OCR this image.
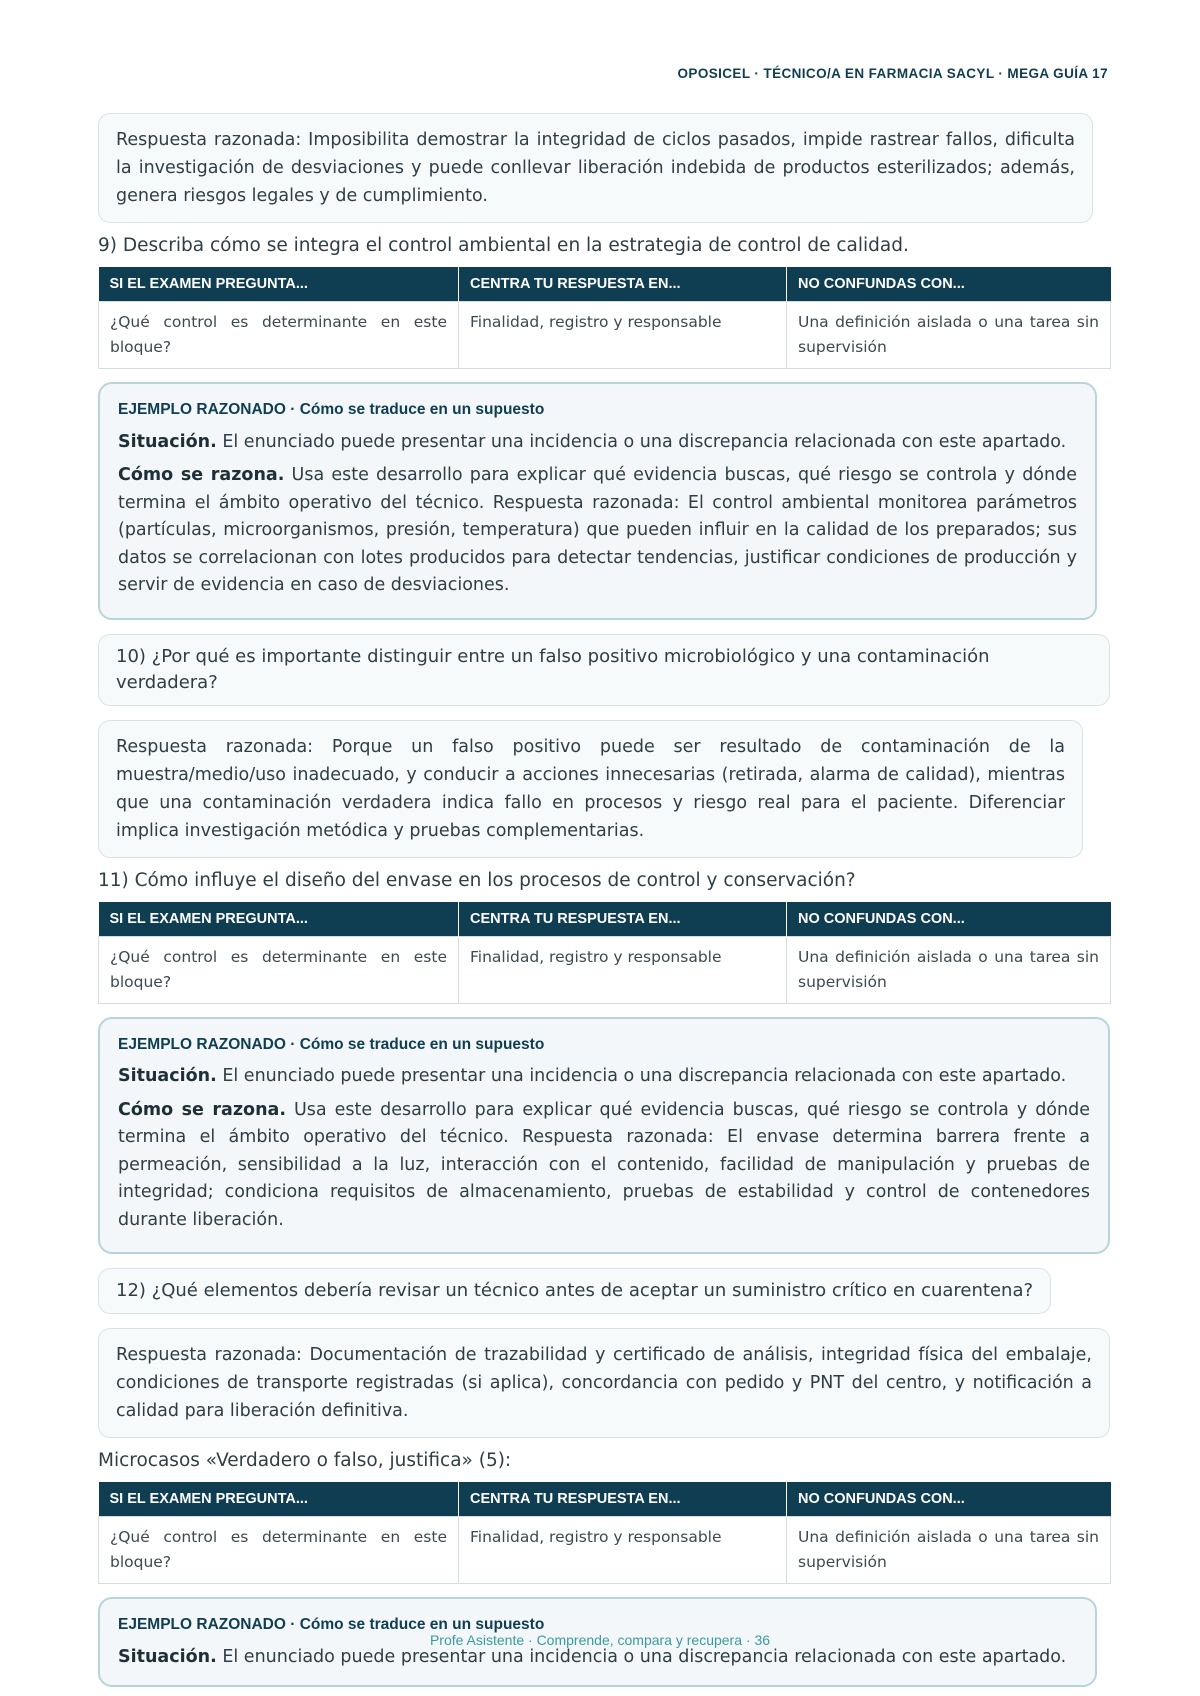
OPOSICEL · TÉCNICO/A EN FARMACIA SACYL · MEGA GUÍA 17
Respuesta razonada: Imposibilita demostrar la integridad de ciclos pasados, impide rastrear fallos, dificulta la investigación de desviaciones y puede conllevar liberación indebida de productos esterilizados; además, genera riesgos legales y de cumplimiento.
9) Describa cómo se integra el control ambiental en la estrategia de control de calidad.
SI EL EXAMEN PREGUNTA...	CENTRA TU RESPUESTA EN...	NO CONFUNDAS CON...
¿Qué control es determinante en este bloque?	Finalidad, registro y responsable	Una definición aislada o una tarea sin supervisión
EJEMPLO RAZONADO · Cómo se traduce en un supuesto

Situación. El enunciado puede presentar una incidencia o una discrepancia relacionada con este apartado.

Cómo se razona. Usa este desarrollo para explicar qué evidencia buscas, qué riesgo se controla y dónde termina el ámbito operativo del técnico. Respuesta razonada: El control ambiental monitorea parámetros (partículas, microorganismos, presión, temperatura) que pueden influir en la calidad de los preparados; sus datos se correlacionan con lotes producidos para detectar tendencias, justificar condiciones de producción y servir de evidencia en caso de desviaciones.

10) ¿Por qué es importante distinguir entre un falso positivo microbiológico y una contaminación verdadera?
Respuesta razonada: Porque un falso positivo puede ser resultado de contaminación de la muestra/medio/uso inadecuado, y conducir a acciones innecesarias (retirada, alarma de calidad), mientras que una contaminación verdadera indica fallo en procesos y riesgo real para el paciente. Diferenciar implica investigación metódica y pruebas complementarias.
11) Cómo influye el diseño del envase en los procesos de control y conservación?
SI EL EXAMEN PREGUNTA...	CENTRA TU RESPUESTA EN...	NO CONFUNDAS CON...
¿Qué control es determinante en este bloque?	Finalidad, registro y responsable	Una definición aislada o una tarea sin supervisión
EJEMPLO RAZONADO · Cómo se traduce en un supuesto

Situación. El enunciado puede presentar una incidencia o una discrepancia relacionada con este apartado.

Cómo se razona. Usa este desarrollo para explicar qué evidencia buscas, qué riesgo se controla y dónde termina el ámbito operativo del técnico. Respuesta razonada: El envase determina barrera frente a permeación, sensibilidad a la luz, interacción con el contenido, facilidad de manipulación y pruebas de integridad; condiciona requisitos de almacenamiento, pruebas de estabilidad y control de contenedores durante liberación.

12) ¿Qué elementos debería revisar un técnico antes de aceptar un suministro crítico en cuarentena?
Respuesta razonada: Documentación de trazabilidad y certificado de análisis, integridad física del embalaje, condiciones de transporte registradas (si aplica), concordancia con pedido y PNT del centro, y notificación a calidad para liberación definitiva.
Microcasos «Verdadero o falso, justifica» (5):
SI EL EXAMEN PREGUNTA...	CENTRA TU RESPUESTA EN...	NO CONFUNDAS CON...
¿Qué control es determinante en este bloque?	Finalidad, registro y responsable	Una definición aislada o una tarea sin supervisión
EJEMPLO RAZONADO · Cómo se traduce en un supuesto

Situación. El enunciado puede presentar una incidencia o una discrepancia relacionada con este apartado.

Profe Asistente · Comprende, compara y recupera · 36
